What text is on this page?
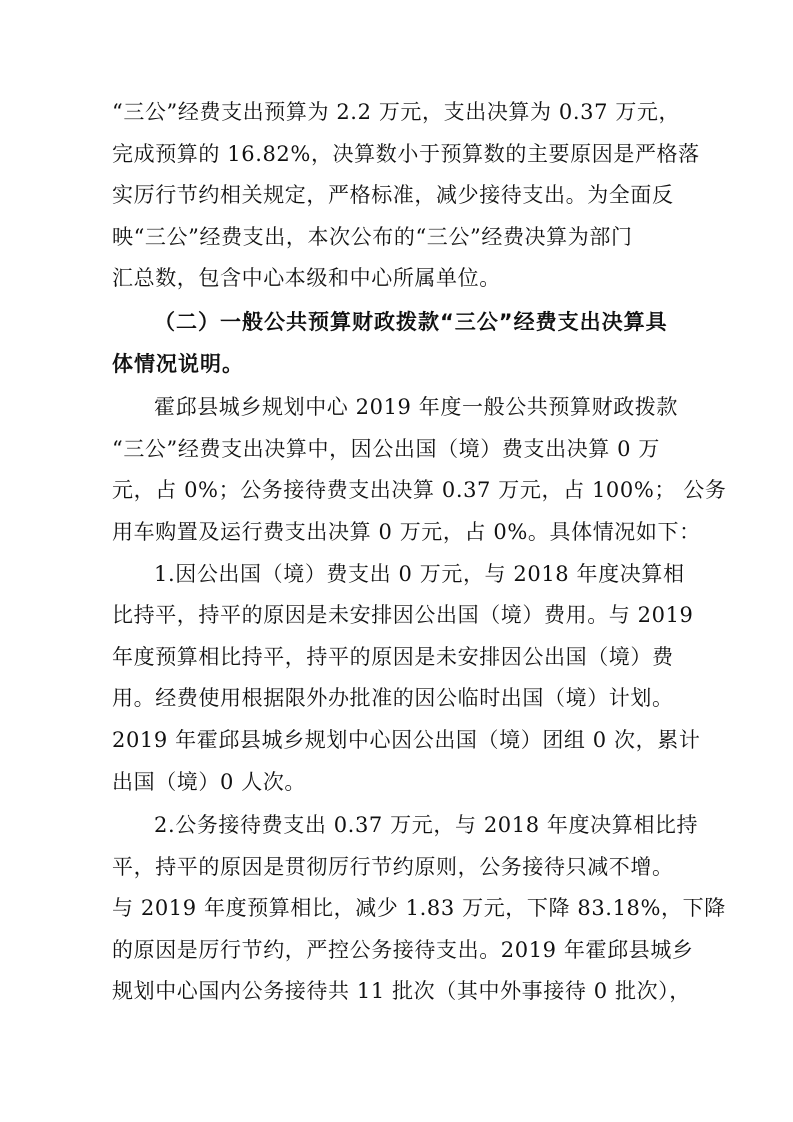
“三公”经费支出预算为 2.2 万元，支出决算为 0.37 万元，
完成预算的 16.82%，决算数小于预算数的主要原因是严格落
实厉行节约相关规定，严格标准，减少接待支出。为全面反
映“三公”经费支出，本次公布的“三公”经费决算为部门
汇总数，包含中心本级和中心所属单位。
（二）一般公共预算财政拨款“三公”经费支出决算具
体情况说明。
霍邱县城乡规划中心 2019 年度一般公共预算财政拨款
“三公”经费支出决算中，因公出国（境）费支出决算 0 万
元，占 0%；公务接待费支出决算 0.37 万元，占 100%； 公务
用车购置及运行费支出决算 0 万元，占 0%。具体情况如下：
1.因公出国（境）费支出 0 万元，与 2018 年度决算相
比持平，持平的原因是未安排因公出国（境）费用。与 2019
年度预算相比持平，持平的原因是未安排因公出国（境）费
用。经费使用根据限外办批准的因公临时出国（境）计划。
2019 年霍邱县城乡规划中心因公出国（境）团组 0 次，累计
出国（境）0 人次。
2.公务接待费支出 0.37 万元，与 2018 年度决算相比持
平，持平的原因是贯彻厉行节约原则，公务接待只减不增。
与 2019 年度预算相比，减少 1.83 万元，下降 83.18%，下降
的原因是厉行节约，严控公务接待支出。2019 年霍邱县城乡
规划中心国内公务接待共 11 批次（其中外事接待 0 批次），
